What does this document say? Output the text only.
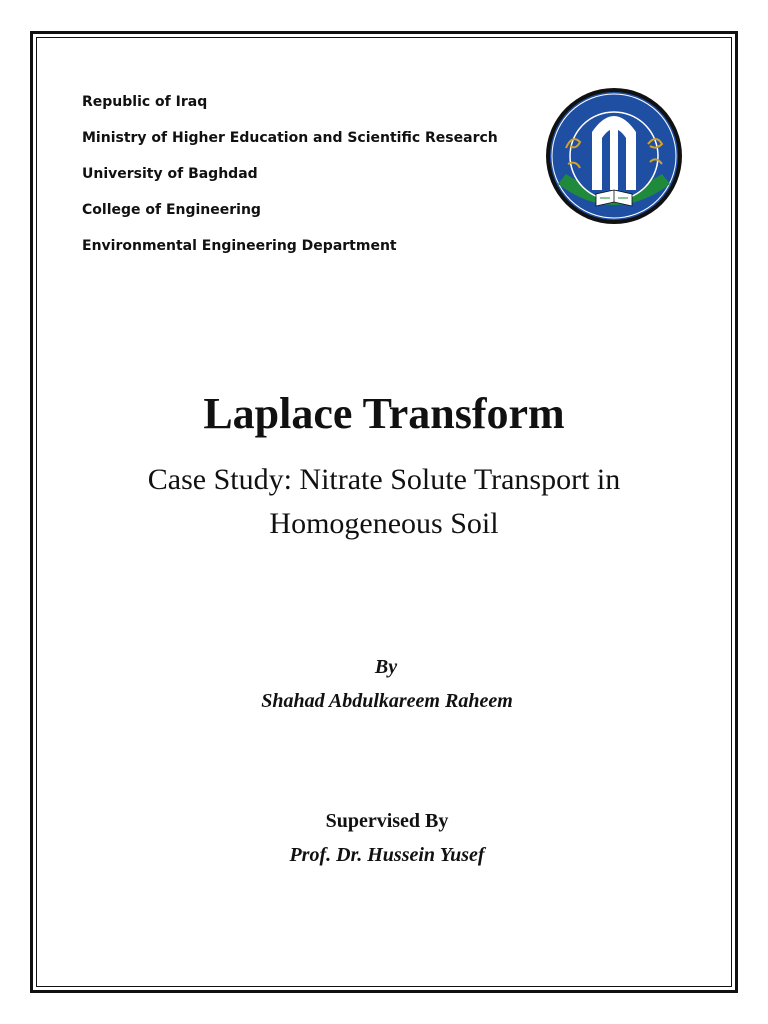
Republic of Iraq
Ministry of Higher Education and Scientific Research
University of Baghdad
College of Engineering
Environmental Engineering Department
Laplace Transform
Case Study: Nitrate Solute Transport in Homogeneous Soil
By
Shahad Abdulkareem Raheem
Supervised By
Prof. Dr. Hussein Yusef
